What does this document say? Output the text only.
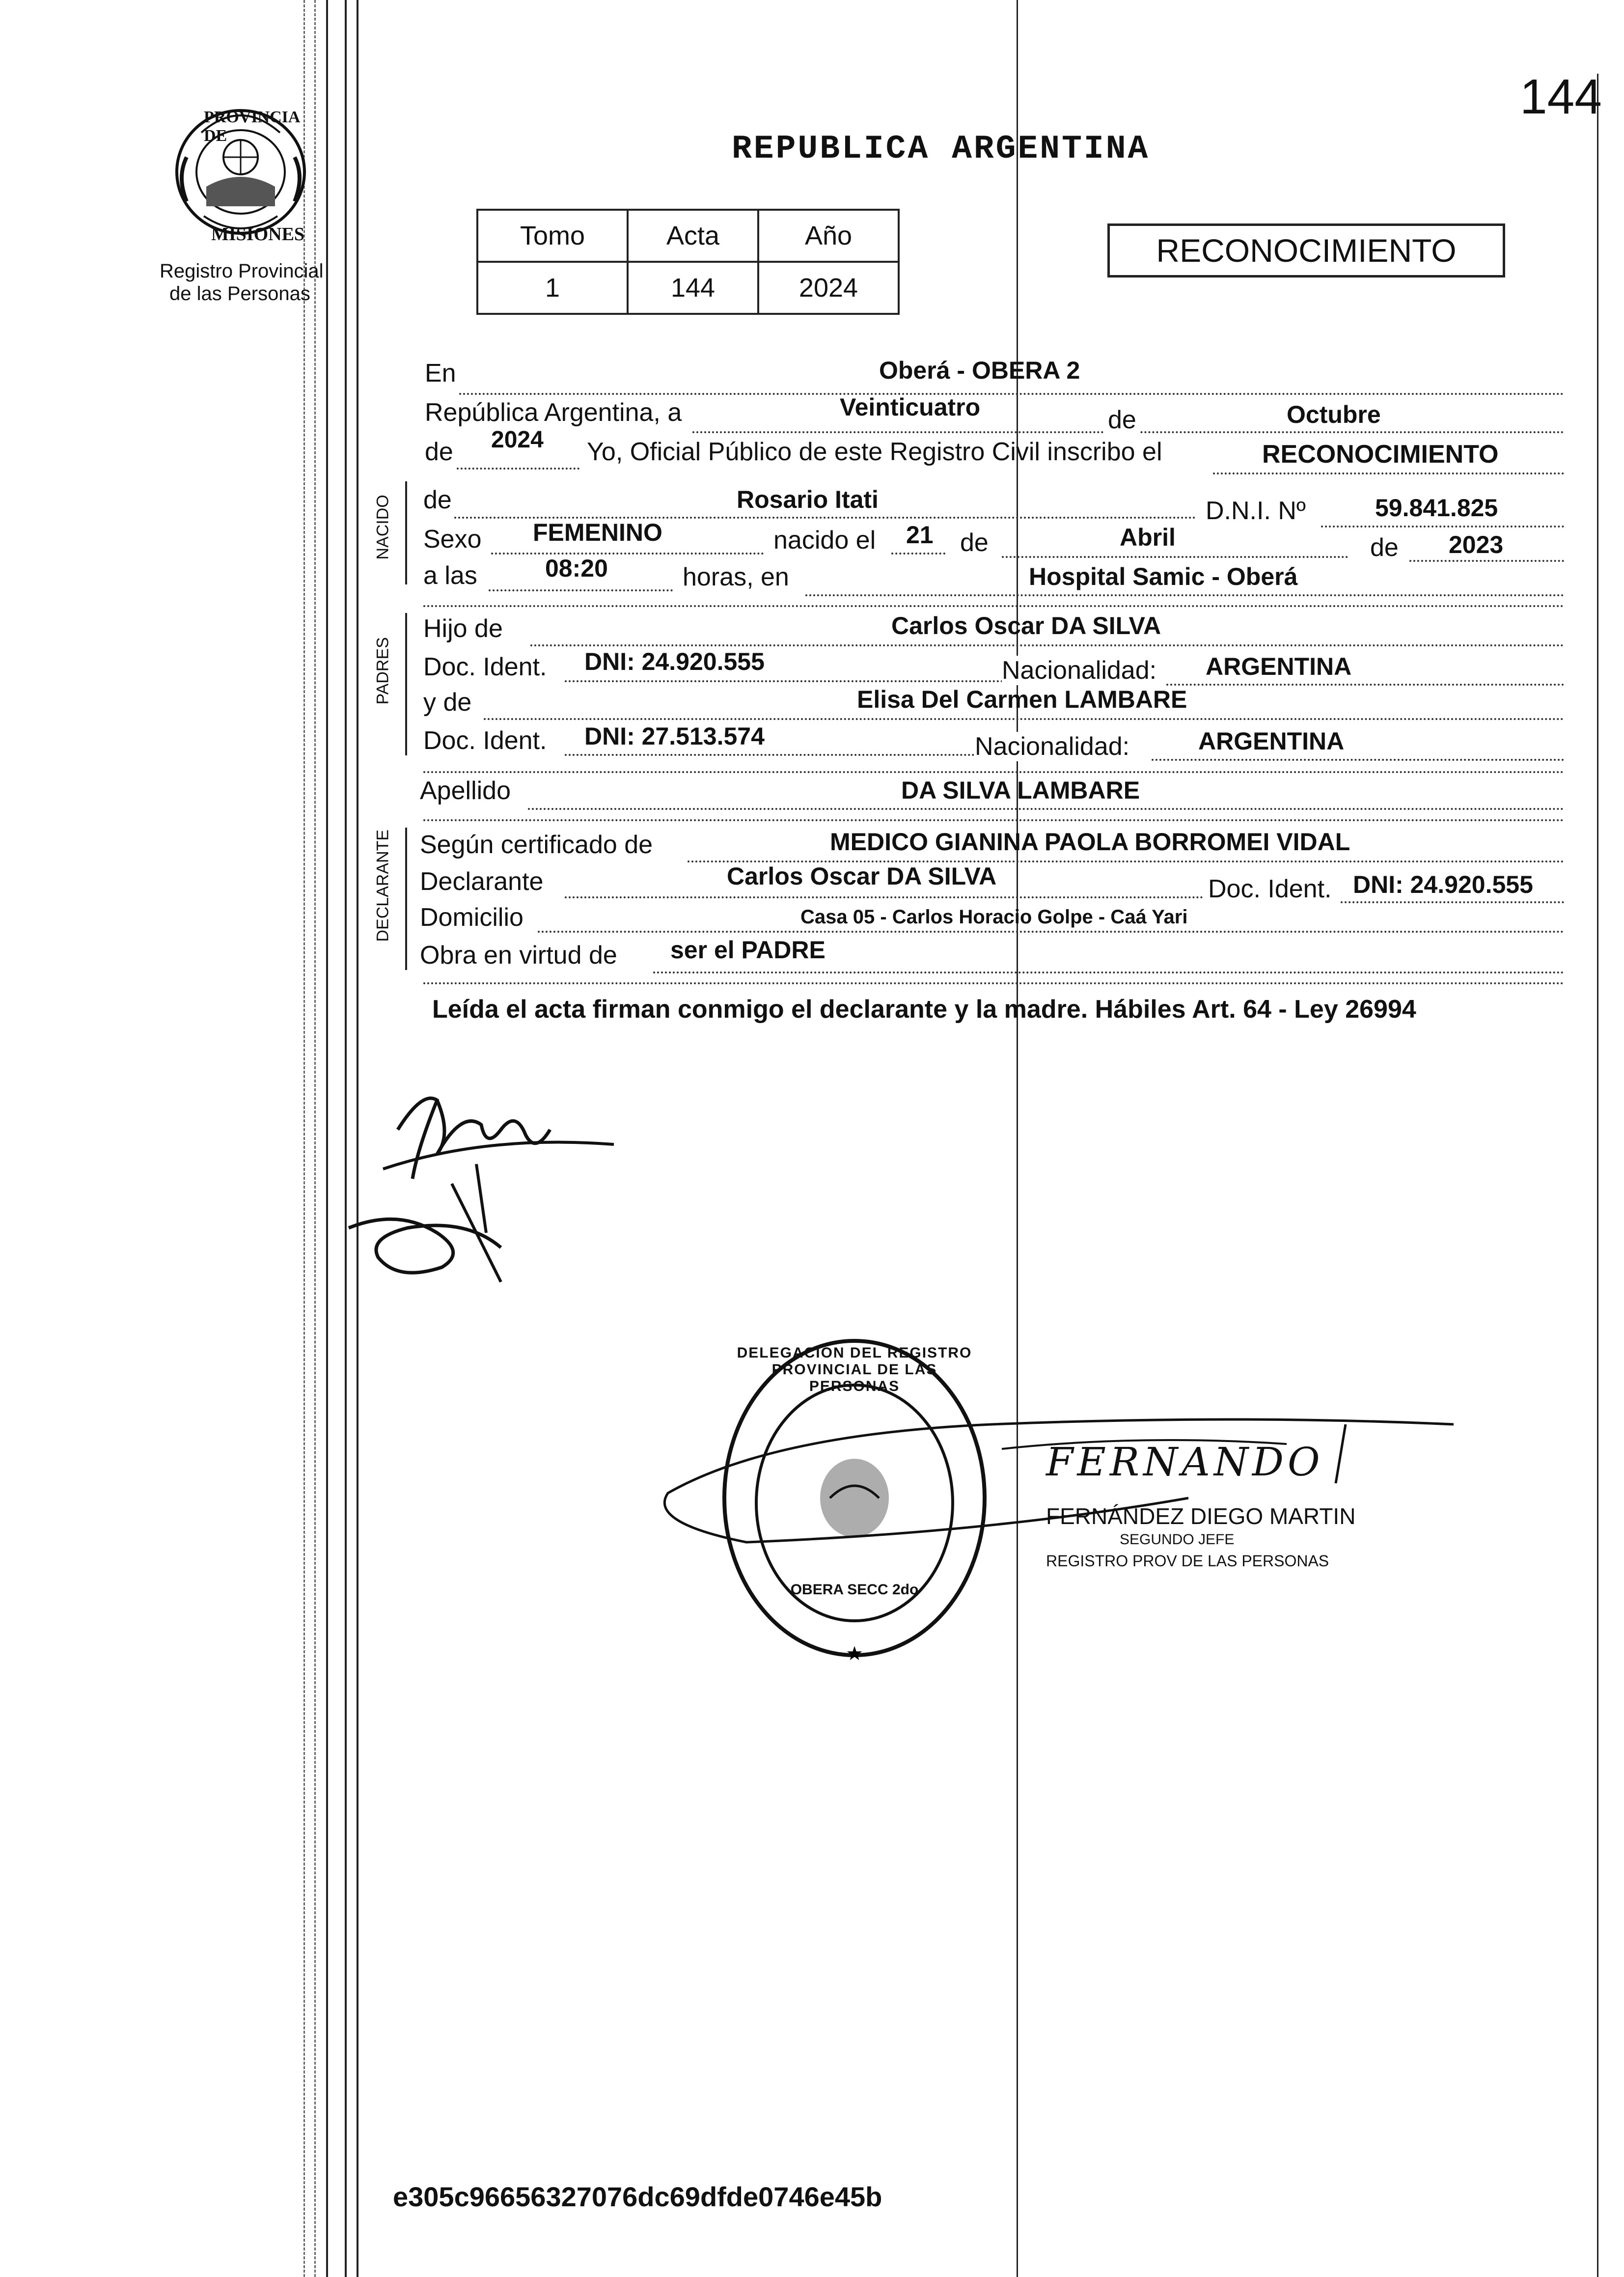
144
PROVINCIA DE
MISIONES
Registro Provincial
de las Personas
REPUBLICA ARGENTINA
Tomo	Acta	Año
1	144	2024
RECONOCIMIENTO
En	Oberá - OBERA 2
República Argentina, a	Veinticuatro	de	Octubre
de 2024 Yo, Oficial Público de este Registro Civil inscribo el	RECONOCIMIENTO
NACIDO de	Rosario Itati	D.N.I. Nº	59.841.825
Sexo FEMENINO	nacido el 21 de	Abril	de 2023
a las	08:20	horas, en	Hospital Samic - Oberá
PADRES
Hijo de	Carlos Oscar DA SILVA
Doc. Ident. DNI: 24.920.555	Nacionalidad: ARGENTINA
y de	Elisa Del Carmen LAMBARE
Doc. Ident. DNI: 27.513.574	Nacionalidad:	ARGENTINA
Apellido	DA SILVA LAMBARE
DECLARANTE Según certificado de	MEDICO GIANINA PAOLA BORROMEI VIDAL
Declarante	Carlos Oscar DA SILVA	Doc. Ident. DNI: 24.920.555
Domicilio	Casa 05 - Carlos Horacio Golpe - Caá Yari
Obra en virtud de ser el PADRE
Leída el acta firman conmigo el declarante y la madre. Hábiles Art. 64 - Ley 26994
★
DELEGACION DEL REGISTRO PROVINCIAL DE LAS PERSONAS
OBERA SECC 2do
FERNANDO
FERNÁNDEZ DIEGO MARTIN
SEGUNDO JEFE
REGISTRO PROV DE LAS PERSONAS
e305c96656327076dc69dfde0746e45b
